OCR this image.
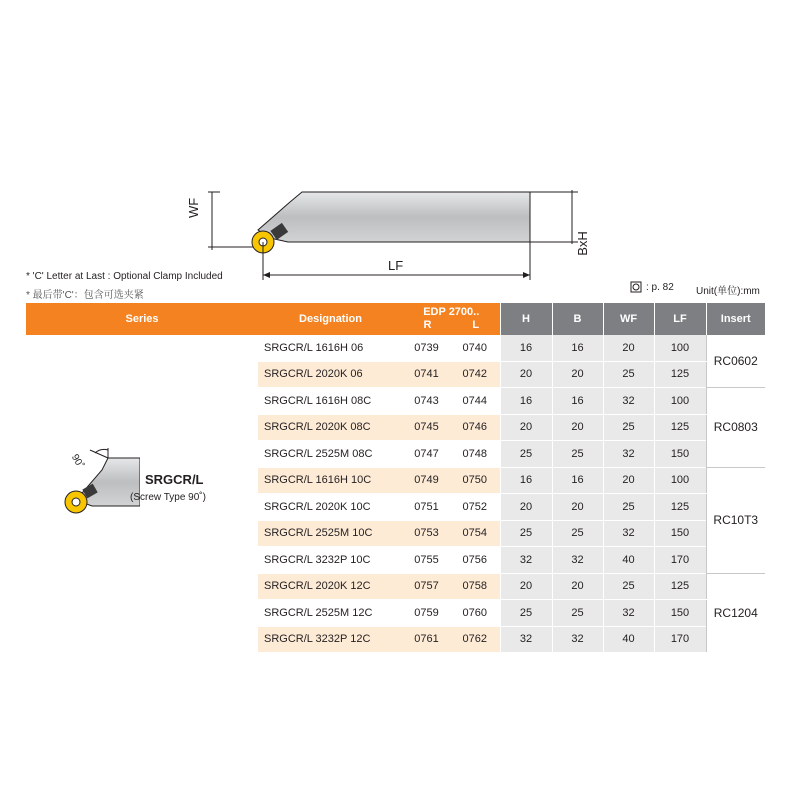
WF
BxH
LF
* 'C' Letter at Last : Optional Clamp Included
* 最后带'C'：包含可选夹紧
: p. 82 Unit(单位):mm
Series	Designation	EDP 2700..
R L		H	B	WF	LF	Insert
	SRGCR/L 1616H 06	0739	0740	16	16	20	100	RC0602
	SRGCR/L 2020K 06	0741	0742	20	20	25	125	
	SRGCR/L 1616H 08C	0743	0744	16	16	32	100	RC0803
	SRGCR/L 2020K 08C	0745	0746	20	20	25	125	
	SRGCR/L 2525M 08C	0747	0748	25	25	32	150	
	SRGCR/L 1616H 10C	0749	0750	16	16	20	100	RC10T3
	SRGCR/L 2020K 10C	0751	0752	20	20	25	125	
	SRGCR/L 2525M 10C	0753	0754	25	25	32	150	
	SRGCR/L 3232P 10C	0755	0756	32	32	40	170	
	SRGCR/L 2020K 12C	0757	0758	20	20	25	125	RC1204
	SRGCR/L 2525M 12C	0759	0760	25	25	32	150	
	SRGCR/L 3232P 12C	0761	0762	32	32	40	170	
90˚
SRGCR/L
(Screw Type 90˚)
